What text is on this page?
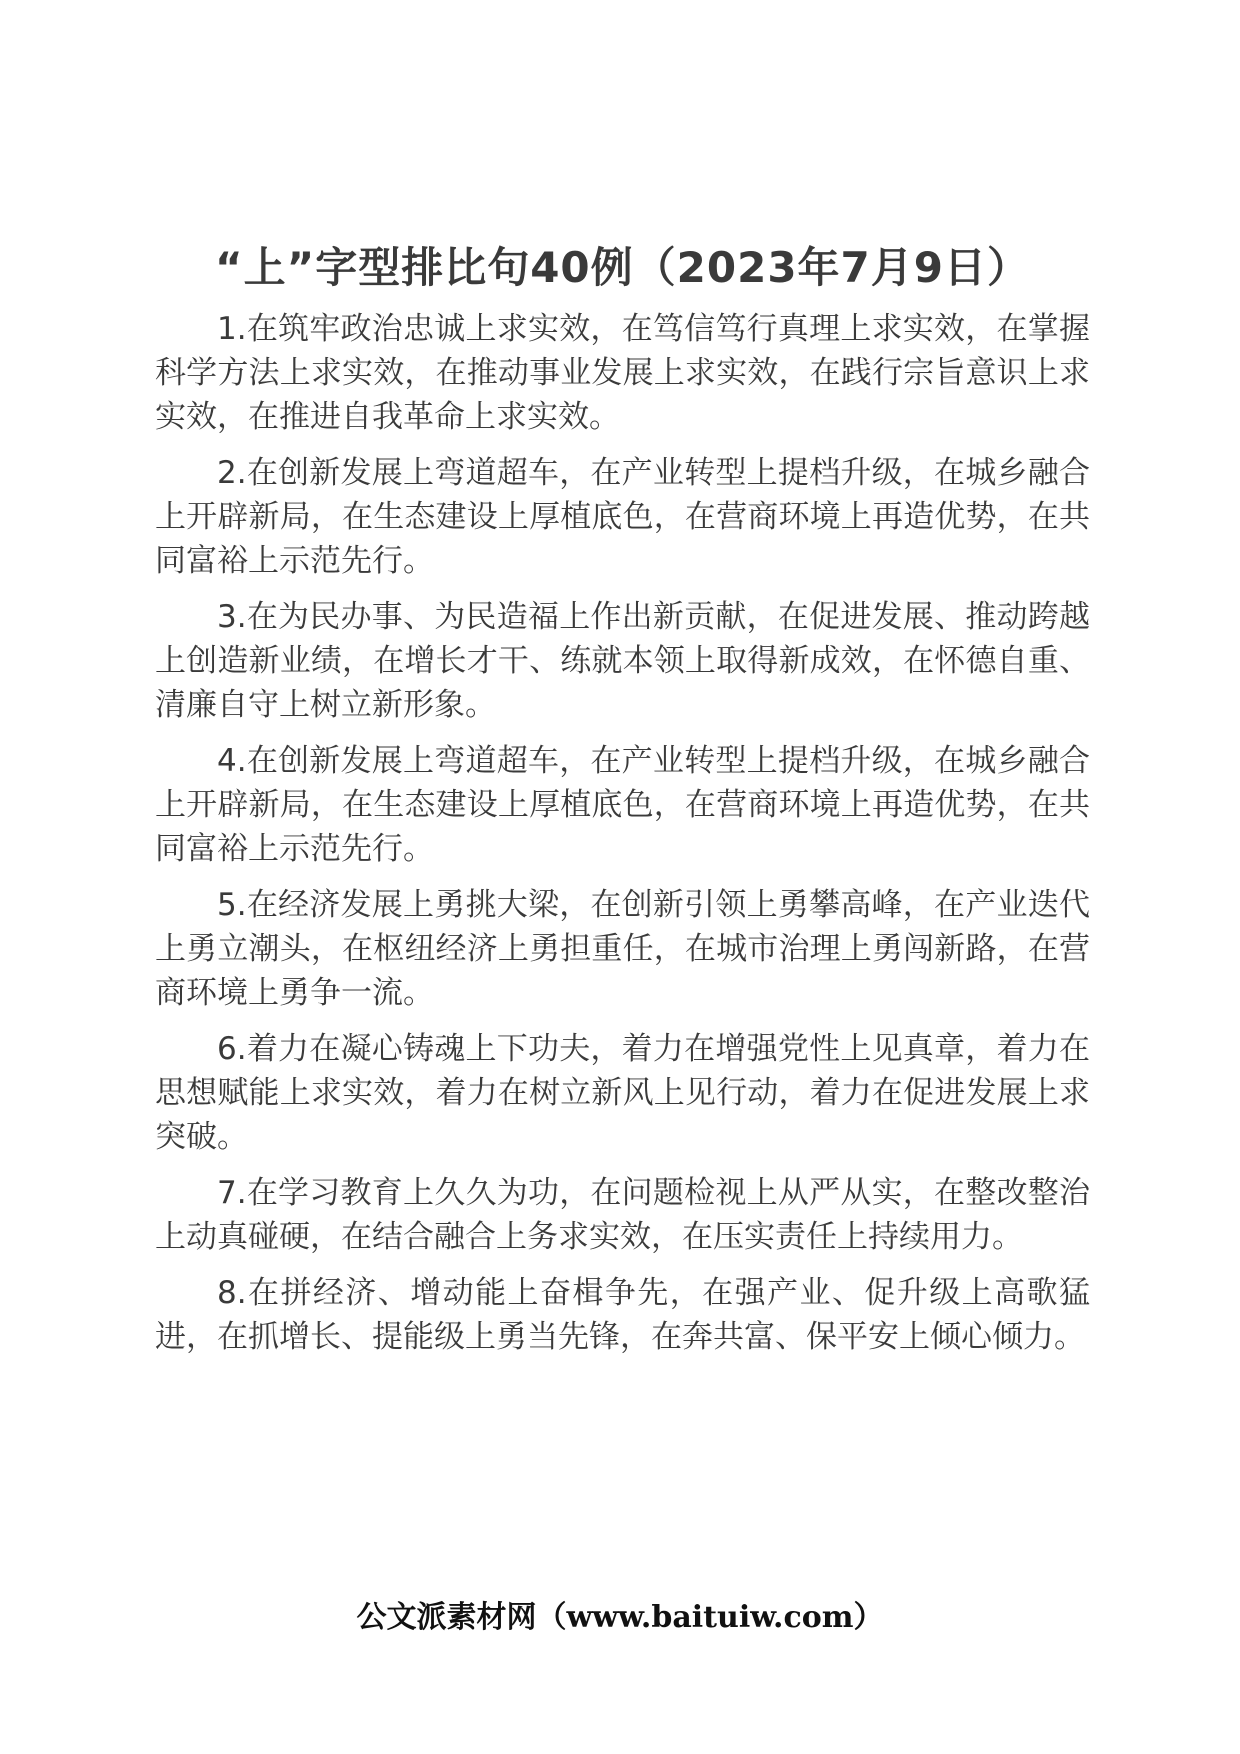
“上”字型排比句40例（2023年7月9日）

1.在筑牢政治忠诚上求实效，在笃信笃行真理上求实效，在掌握科学方法上求实效，在推动事业发展上求实效，在践行宗旨意识上求实效，在推进自我革命上求实效。

2.在创新发展上弯道超车，在产业转型上提档升级，在城乡融合上开辟新局，在生态建设上厚植底色，在营商环境上再造优势，在共同富裕上示范先行。

3.在为民办事、为民造福上作出新贡献，在促进发展、推动跨越上创造新业绩，在增长才干、练就本领上取得新成效，在怀德自重、清廉自守上树立新形象。

4.在创新发展上弯道超车，在产业转型上提档升级，在城乡融合上开辟新局，在生态建设上厚植底色，在营商环境上再造优势，在共同富裕上示范先行。

5.在经济发展上勇挑大梁，在创新引领上勇攀高峰，在产业迭代上勇立潮头，在枢纽经济上勇担重任，在城市治理上勇闯新路，在营商环境上勇争一流。

6.着力在凝心铸魂上下功夫，着力在增强党性上见真章，着力在思想赋能上求实效，着力在树立新风上见行动，着力在促进发展上求突破。

7.在学习教育上久久为功，在问题检视上从严从实，在整改整治上动真碰硬，在结合融合上务求实效，在压实责任上持续用力。

8.在拼经济、增动能上奋楫争先，在强产业、促升级上高歌猛进，在抓增长、提能级上勇当先锋，在奔共富、保平安上倾心倾力。

公文派素材网（www.baituiw.com）
